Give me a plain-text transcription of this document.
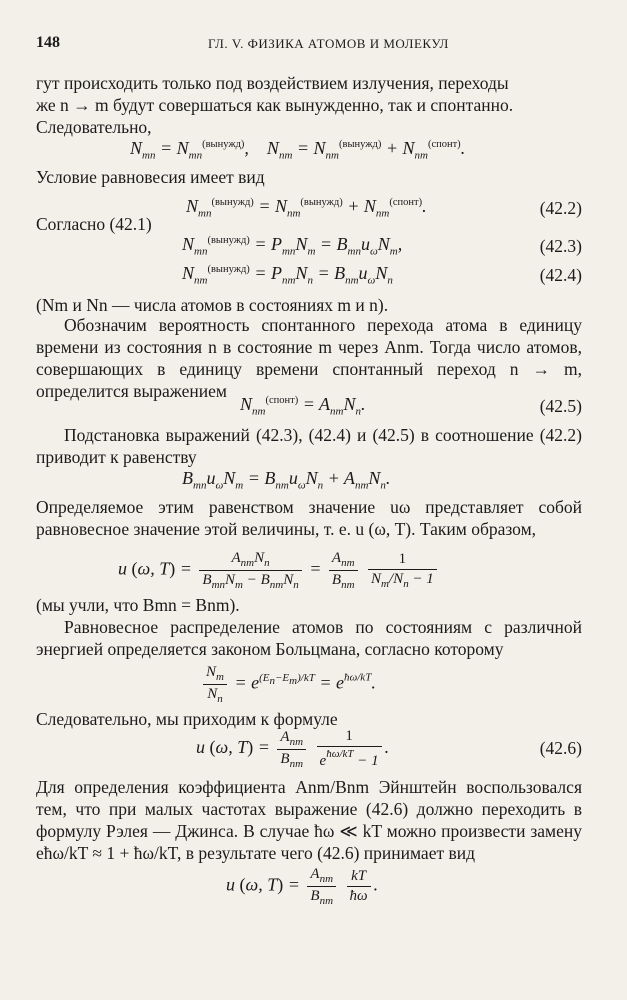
148	ГЛ. V. ФИЗИКА АТОМОВ И МОЛЕКУЛ
гут происходить только под воздействием излучения, переходы
же n → m будут совершаться как вынужденно, так и спонтанно.
Следовательно,
$N_{mn} = N_{mn}^{(вынужд)}$,    $N_{nm} = N_{nm}^{(вынужд)} + N_{nm}^{(спонт)}$.
Условие равновесия имеет вид
$N_{mn}^{(вынужд)} = N_{nm}^{(вынужд)} + N_{nm}^{(спонт)}$.	(42.2)
Согласно (42.1)
$N_{mn}^{(вынужд)} = P_{mn}N_m = B_{mn}u_\omega N_m$,	(42.3)
$N_{nm}^{(вынужд)} = P_{nm}N_n = B_{nm}u_\omega N_n$	(42.4)
(Nm и Nn — числа атомов в состояниях m и n).
Обозначим вероятность спонтанного перехода атома в единицу времени из состояния n в состояние m через Anm. Тогда число атомов, совершающих в единицу времени спонтанный переход n → m, определится выражением
$N_{nm}^{(спонт)} = A_{nm}N_n$.	(42.5)
Подстановка выражений (42.3), (42.4) и (42.5) в соотношение (42.2) приводит к равенству
$B_{mn}u_\omega N_m = B_{nm}u_\omega N_n + A_{nm}N_n$.
Определяемое этим равенством значение uω представляет собой равновесное значение этой величины, т. е. u (ω, T). Таким образом,
u (ω, $T) = \frac{A_{nm}N_n}{B_{mn}N_m - B_{nm}N_n} = \frac{A_{nm}}{B_{nm}}$
$\frac{1}{N_m/N_n - 1}$
(мы учли, что Bmn = Bnm).
Равновесное распределение атомов по состояниям с различной энергией определяется законом Больцмана, согласно которому
$\frac{N_m}{N_n} = e^{(E_n-E_m)/kT} = e^{ħ\omega/kT}$.
Следовательно, мы приходим к формуле
u (ω, $T) = \frac{A_{nm}}{B_{nm}}$
$\frac{1}{e^{ħ\omega/kT} - 1}$ .	(42.6)
Для определения коэффициента Anm/Bnm Эйнштейн воспользовался тем, что при малых частотах выражение (42.6) должно переходить в формулу Рэлея — Джинса. В случае ħω ≪ kT можно произвести замену eħω/kT ≈ 1 + ħω/kT, в результате чего (42.6) принимает вид
u (ω, $T) = \frac{A_{nm}}{B_{nm}}$
$\frac{kT}{ħ\omega}$ .
